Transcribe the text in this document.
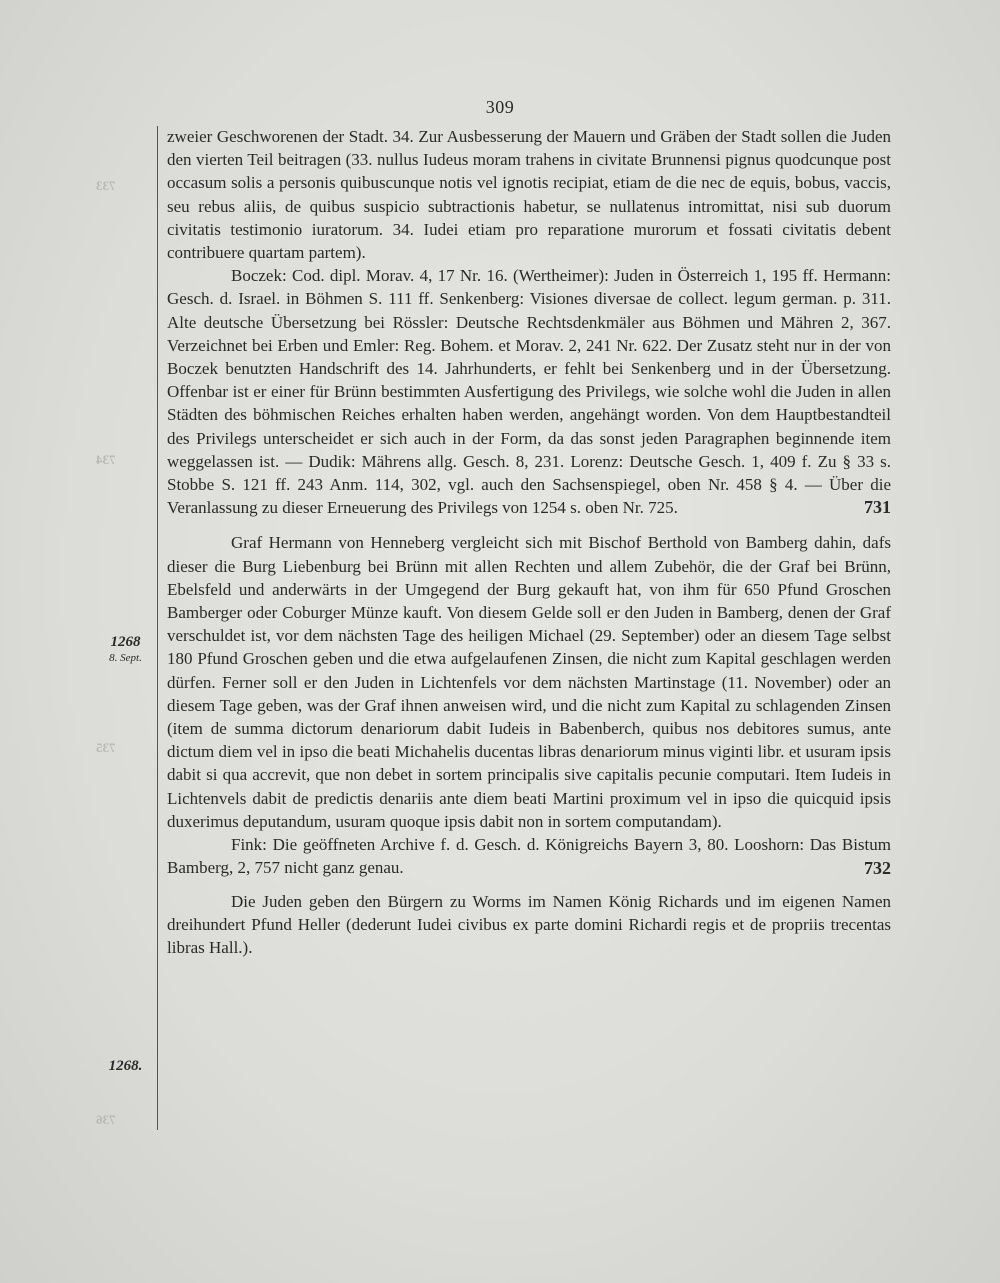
733
734
735
736
309
1268
8. Sept.
1268.

zweier Geschworenen der Stadt. 34. Zur Ausbesserung der Mauern und Gräben der Stadt sollen die Juden den vierten Teil beitragen (33. nullus Iudeus moram trahens in civitate Brunnensi pignus quodcunque post occasum solis a personis quibuscunque notis vel ignotis recipiat, etiam de die nec de equis, bobus, vaccis, seu rebus aliis, de quibus suspicio subtractionis habetur, se nullatenus intromittat, nisi sub duorum civitatis testimonio iuratorum. 34. Iudei etiam pro reparatione murorum et fossati civitatis debent contribuere quartam partem).

Boczek: Cod. dipl. Morav. 4, 17 Nr. 16. (Wertheimer): Juden in Österreich 1, 195 ff. Hermann: Gesch. d. Israel. in Böhmen S. 111 ff. Senkenberg: Visiones diversae de collect. legum german. p. 311. Alte deutsche Übersetzung bei Rössler: Deutsche Rechtsdenkmäler aus Böhmen und Mähren 2, 367. Verzeichnet bei Erben und Emler: Reg. Bohem. et Morav. 2, 241 Nr. 622. Der Zusatz steht nur in der von Boczek benutzten Handschrift des 14. Jahrhunderts, er fehlt bei Senkenberg und in der Übersetzung. Offenbar ist er einer für Brünn bestimmten Ausfertigung des Privilegs, wie solche wohl die Juden in allen Städten des böhmischen Reiches erhalten haben werden, angehängt worden. Von dem Hauptbestandteil des Privilegs unterscheidet er sich auch in der Form, da das sonst jeden Paragraphen beginnende item weggelassen ist. — Dudik: Mährens allg. Gesch. 8, 231. Lorenz: Deutsche Gesch. 1, 409 f. Zu § 33 s. Stobbe S. 121 ff. 243 Anm. 114, 302, vgl. auch den Sachsenspiegel, oben Nr. 458 § 4. — Über die Veranlassung zu dieser Erneuerung des Privilegs von 1254 s. oben Nr. 725.	731

Graf Hermann von Henneberg vergleicht sich mit Bischof Berthold von Bamberg dahin, dafs dieser die Burg Liebenburg bei Brünn mit allen Rechten und allem Zubehör, die der Graf bei Brünn, Ebelsfeld und anderwärts in der Umgegend der Burg gekauft hat, von ihm für 650 Pfund Groschen Bamberger oder Coburger Münze kauft. Von diesem Gelde soll er den Juden in Bamberg, denen der Graf verschuldet ist, vor dem nächsten Tage des heiligen Michael (29. September) oder an diesem Tage selbst 180 Pfund Groschen geben und die etwa aufgelaufenen Zinsen, die nicht zum Kapital geschlagen werden dürfen. Ferner soll er den Juden in Lichtenfels vor dem nächsten Martinstage (11. November) oder an diesem Tage geben, was der Graf ihnen anweisen wird, und die nicht zum Kapital zu schlagenden Zinsen (item de summa dictorum denariorum dabit Iudeis in Babenberch, quibus nos debitores sumus, ante dictum diem vel in ipso die beati Michahelis ducentas libras denariorum minus viginti libr. et usuram ipsis dabit si qua accrevit, que non debet in sortem principalis sive capitalis pecunie computari. Item Iudeis in Lichtenvels dabit de predictis denariis ante diem beati Martini proximum vel in ipso die quicquid ipsis duxerimus deputandum, usuram quoque ipsis dabit non in sortem computandam).

Fink: Die geöffneten Archive f. d. Gesch. d. Königreichs Bayern 3, 80. Looshorn: Das Bistum Bamberg, 2, 757 nicht ganz genau.	732

Die Juden geben den Bürgern zu Worms im Namen König Richards und im eigenen Namen dreihundert Pfund Heller (dederunt Iudei civibus ex parte domini Richardi regis et de propriis trecentas libras Hall.).
